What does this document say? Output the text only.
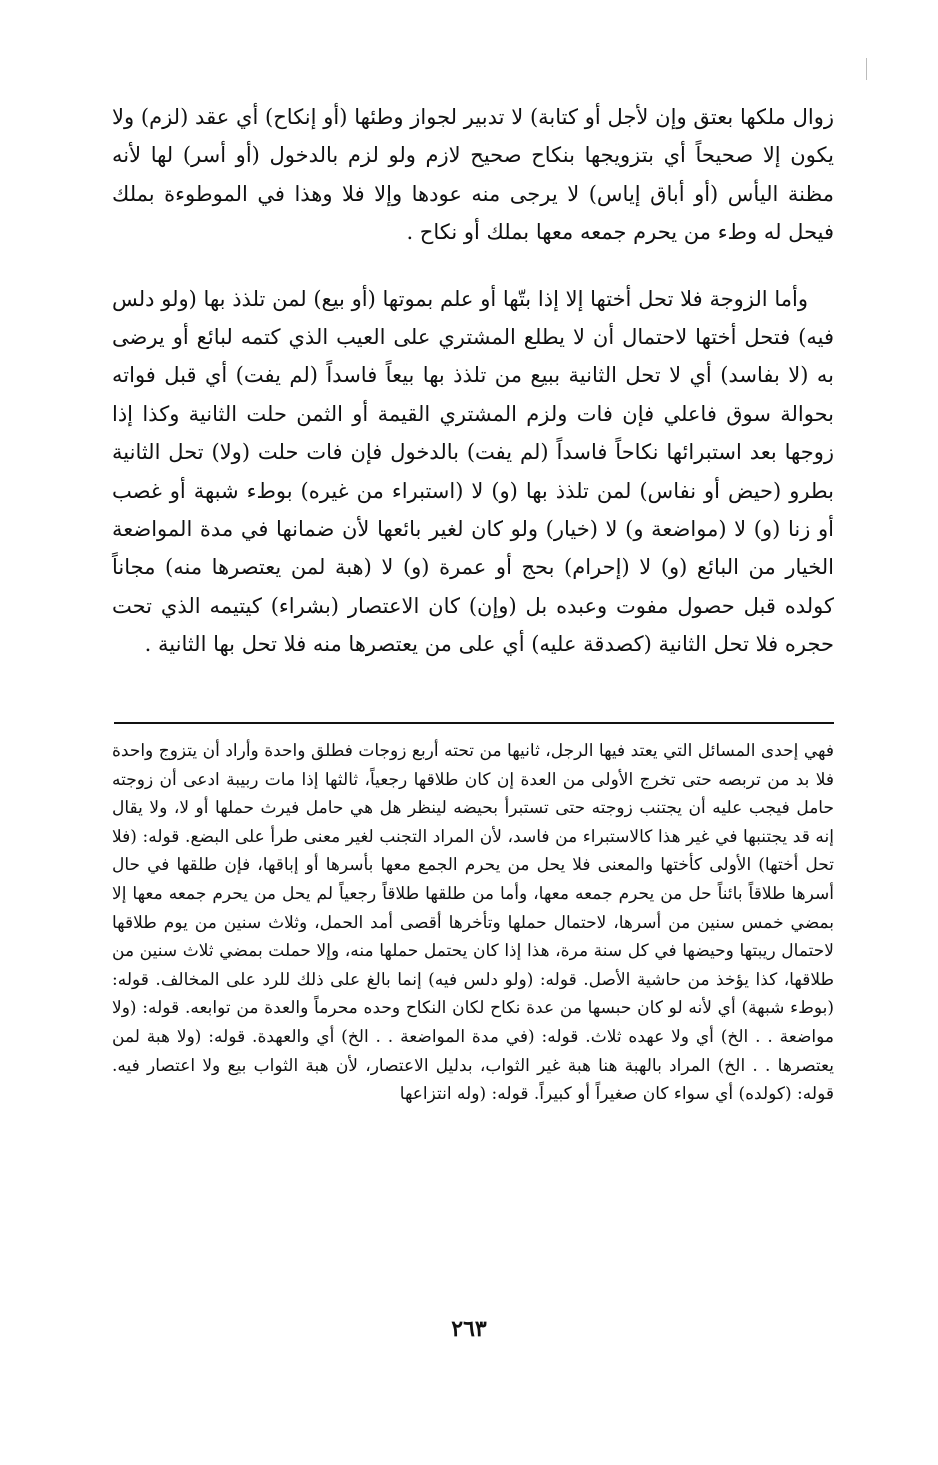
زوال ملكها بعتق وإن لأجل أو كتابة) لا تدبير لجواز وطئها (أو إنكاح) أي عقد (لزم) ولا يكون إلا صحيحاً أي بتزويجها بنكاح صحيح لازم ولو لزم بالدخول (أو أسر) لها لأنه مظنة اليأس (أو أباق إياس) لا يرجى منه عودها وإلا فلا وهذا في الموطوءة بملك فيحل له وطء من يحرم جمعه معها بملك أو نكاح .

وأما الزوجة فلا تحل أختها إلا إذا بتّها أو علم بموتها (أو بيع) لمن تلذذ بها (ولو دلس فيه) فتحل أختها لاحتمال أن لا يطلع المشتري على العيب الذي كتمه لبائع أو يرضى به (لا بفاسد) أي لا تحل الثانية ببيع من تلذذ بها بيعاً فاسداً (لم يفت) أي قبل فواته بحوالة سوق فاعلي فإن فات ولزم المشتري القيمة أو الثمن حلت الثانية وكذا إذا زوجها بعد استبرائها نكاحاً فاسداً (لم يفت) بالدخول فإن فات حلت (ولا) تحل الثانية بطرو (حيض أو نفاس) لمن تلذذ بها (و) لا (استبراء من غيره) بوطء شبهة أو غصب أو زنا (و) لا (مواضعة و) لا (خيار) ولو كان لغير بائعها لأن ضمانها في مدة المواضعة الخيار من البائع (و) لا (إحرام) بحج أو عمرة (و) لا (هبة لمن يعتصرها منه) مجاناً كولده قبل حصول مفوت وعبده بل (وإن) كان الاعتصار (بشراء) كيتيمه الذي تحت حجره فلا تحل الثانية (كصدقة عليه) أي على من يعتصرها منه فلا تحل بها الثانية .

فهي إحدى المسائل التي يعتد فيها الرجل، ثانيها من تحته أربع زوجات فطلق واحدة وأراد أن يتزوج واحدة فلا بد من تربصه حتى تخرج الأولى من العدة إن كان طلاقها رجعياً، ثالثها إذا مات ربيبة ادعى أن زوجته حامل فيجب عليه أن يجتنب زوجته حتى تستبرأ بحيضه لينظر هل هي حامل فيرث حملها أو لا، ولا يقال إنه قد يجتنبها في غير هذا كالاستبراء من فاسد، لأن المراد التجنب لغير معنى طرأ على البضع. قوله: (فلا تحل أختها) الأولى كأختها والمعنى فلا يحل من يحرم الجمع معها بأسرها أو إباقها، فإن طلقها في حال أسرها طلاقاً بائناً حل من يحرم جمعه معها، وأما من طلقها طلاقاً رجعياً لم يحل من يحرم جمعه معها إلا بمضي خمس سنين من أسرها، لاحتمال حملها وتأخرها أقصى أمد الحمل، وثلاث سنين من يوم طلاقها لاحتمال ريبتها وحيضها في كل سنة مرة، هذا إذا كان يحتمل حملها منه، وإلا حملت بمضي ثلاث سنين من طلاقها، كذا يؤخذ من حاشية الأصل. قوله: (ولو دلس فيه) إنما بالغ على ذلك للرد على المخالف. قوله: (بوطء شبهة) أي لأنه لو كان حبسها من عدة نكاح لكان النكاح وحده محرماً والعدة من توابعه. قوله: (ولا مواضعة . . الخ) أي ولا عهده ثلاث. قوله: (في مدة المواضعة . . الخ) أي والعهدة. قوله: (ولا هبة لمن يعتصرها . . الخ) المراد بالهبة هنا هبة غير الثواب، بدليل الاعتصار، لأن هبة الثواب بيع ولا اعتصار فيه. قوله: (كولده) أي سواء كان صغيراً أو كبيراً. قوله: (وله انتزاعها

٢٦٣
